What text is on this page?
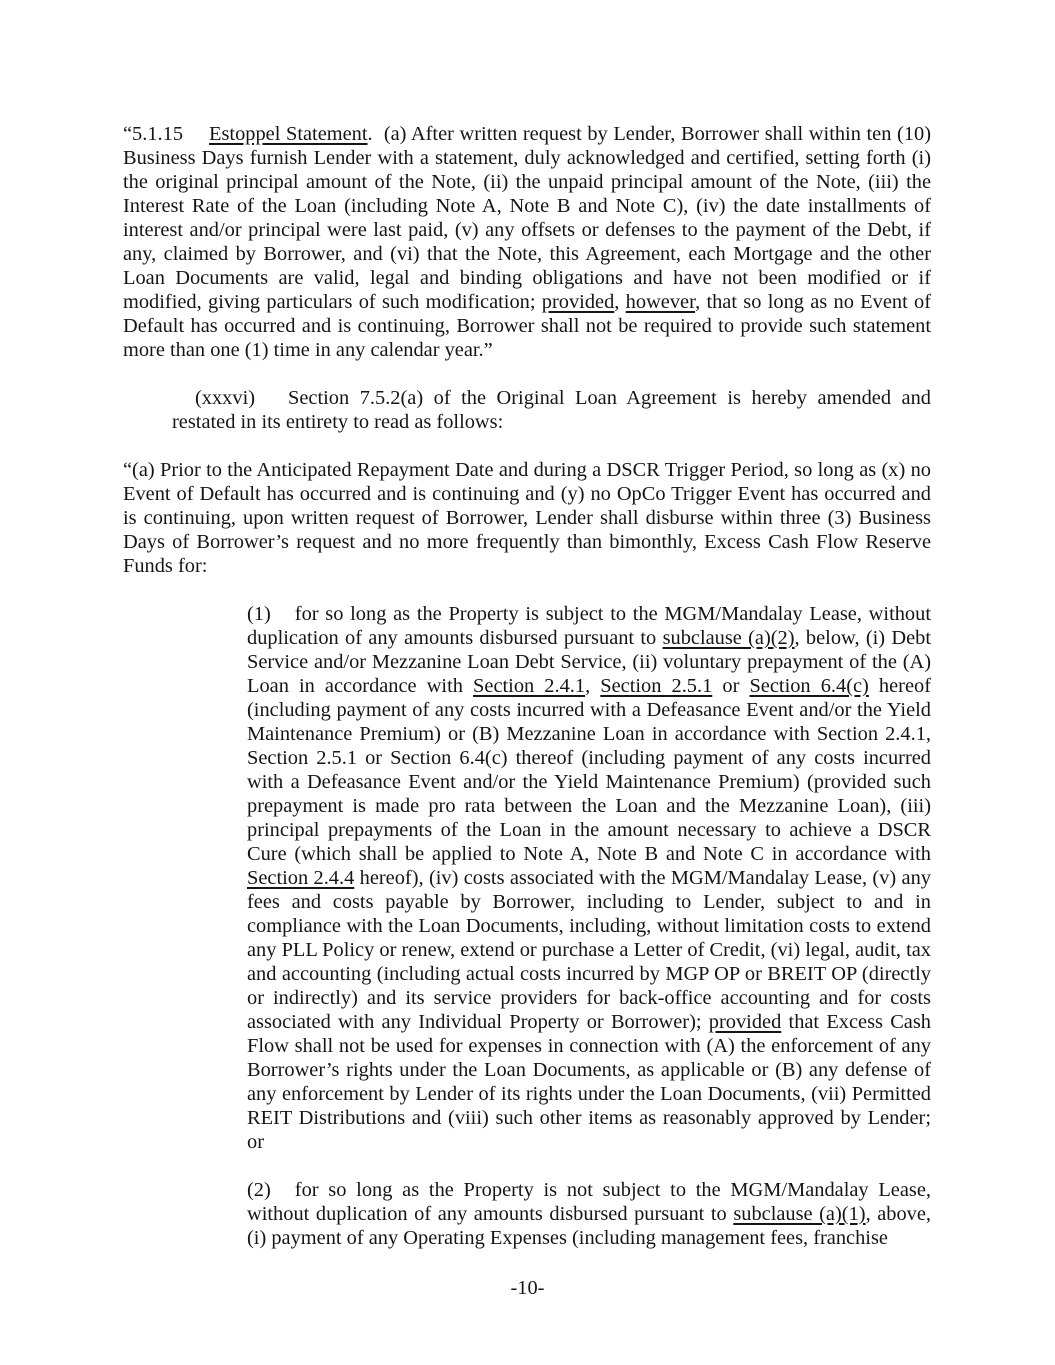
“5.1.15 Estoppel Statement.  (a) After written request by Lender, Borrower shall within ten (10) Business Days furnish Lender with a statement, duly acknowledged and certified, setting forth (i) the original principal amount of the Note, (ii) the unpaid principal amount of the Note, (iii) the Interest Rate of the Loan (including Note A, Note B and Note C), (iv) the date installments of interest and/or principal were last paid, (v) any offsets or defenses to the payment of the Debt, if any, claimed by Borrower, and (vi) that the Note, this Agreement, each Mortgage and the other Loan Documents are valid, legal and binding obligations and have not been modified or if modified, giving particulars of such modification; provided, however, that so long as no Event of Default has occurred and is continuing, Borrower shall not be required to provide such statement more than one (1) time in any calendar year.”

(xxxvi) Section 7.5.2(a) of the Original Loan Agreement is hereby amended and restated in its entirety to read as follows:

“(a) Prior to the Anticipated Repayment Date and during a DSCR Trigger Period, so long as (x) no Event of Default has occurred and is continuing and (y) no OpCo Trigger Event has occurred and is continuing, upon written request of Borrower, Lender shall disburse within three (3) Business Days of Borrower’s request and no more frequently than bimonthly, Excess Cash Flow Reserve Funds for:

(1) for so long as the Property is subject to the MGM/Mandalay Lease, without duplication of any amounts disbursed pursuant to subclause (a)(2), below, (i) Debt Service and/or Mezzanine Loan Debt Service, (ii) voluntary prepayment of the (A) Loan in accordance with Section 2.4.1, Section 2.5.1 or Section 6.4(c) hereof (including payment of any costs incurred with a Defeasance Event and/or the Yield Maintenance Premium) or (B) Mezzanine Loan in accordance with Section 2.4.1, Section 2.5.1 or Section 6.4(c) thereof (including payment of any costs incurred with a Defeasance Event and/or the Yield Maintenance Premium) (provided such prepayment is made pro rata between the Loan and the Mezzanine Loan), (iii) principal prepayments of the Loan in the amount necessary to achieve a DSCR Cure (which shall be applied to Note A, Note B and Note C in accordance with Section 2.4.4 hereof), (iv) costs associated with the MGM/Mandalay Lease, (v) any fees and costs payable by Borrower, including to Lender, subject to and in compliance with the Loan Documents, including, without limitation costs to extend any PLL Policy or renew, extend or purchase a Letter of Credit, (vi) legal, audit, tax and accounting (including actual costs incurred by MGP OP or BREIT OP (directly or indirectly) and its service providers for back-office accounting and for costs associated with any Individual Property or Borrower); provided that Excess Cash Flow shall not be used for expenses in connection with (A) the enforcement of any Borrower’s rights under the Loan Documents, as applicable or (B) any defense of any enforcement by Lender of its rights under the Loan Documents, (vii) Permitted REIT Distributions and (viii) such other items as reasonably approved by Lender; or

(2) for so long as the Property is not subject to the MGM/Mandalay Lease, without duplication of any amounts disbursed pursuant to subclause (a)(1), above, (i) payment of any Operating Expenses (including management fees, franchise

-10-
